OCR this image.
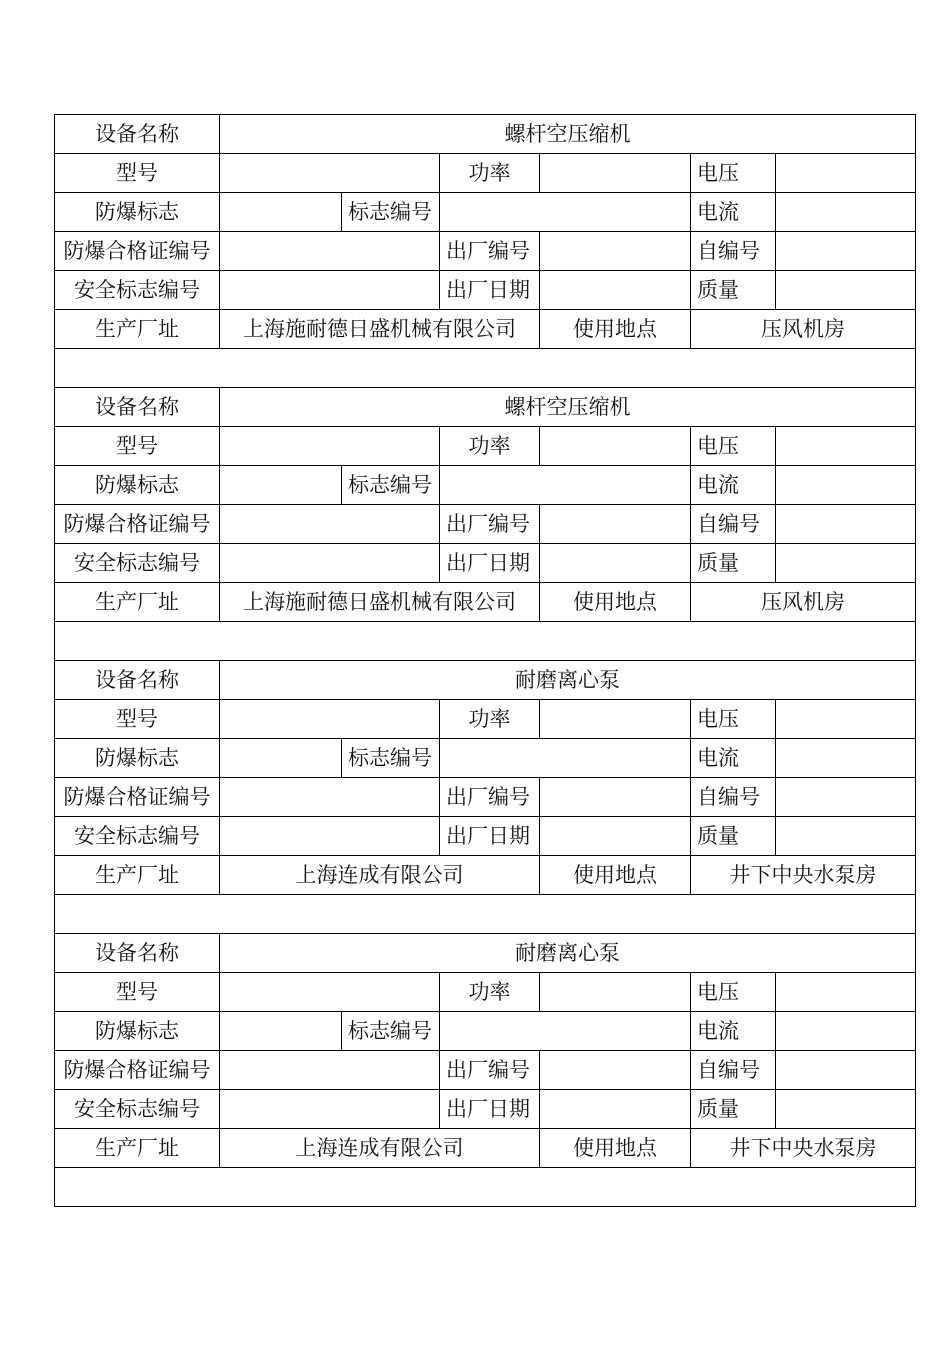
设备名称	螺杆空压缩机					
型号			功率		电压	
防爆标志		标志编号			电流	
防爆合格证编号			出厂编号		自编号	
安全标志编号			出厂日期		质量	
生产厂址	上海施耐德日盛机械有限公司			使用地点	压风机房	

设备名称	螺杆空压缩机					
型号			功率		电压	
防爆标志		标志编号			电流	
防爆合格证编号			出厂编号		自编号	
安全标志编号			出厂日期		质量	
生产厂址	上海施耐德日盛机械有限公司			使用地点	压风机房	

设备名称	耐磨离心泵					
型号			功率		电压	
防爆标志		标志编号			电流	
防爆合格证编号			出厂编号		自编号	
安全标志编号			出厂日期		质量	
生产厂址	上海连成有限公司			使用地点	井下中央水泵房	

设备名称	耐磨离心泵					
型号			功率		电压	
防爆标志		标志编号			电流	
防爆合格证编号			出厂编号		自编号	
安全标志编号			出厂日期		质量	
生产厂址	上海连成有限公司			使用地点	井下中央水泵房	
